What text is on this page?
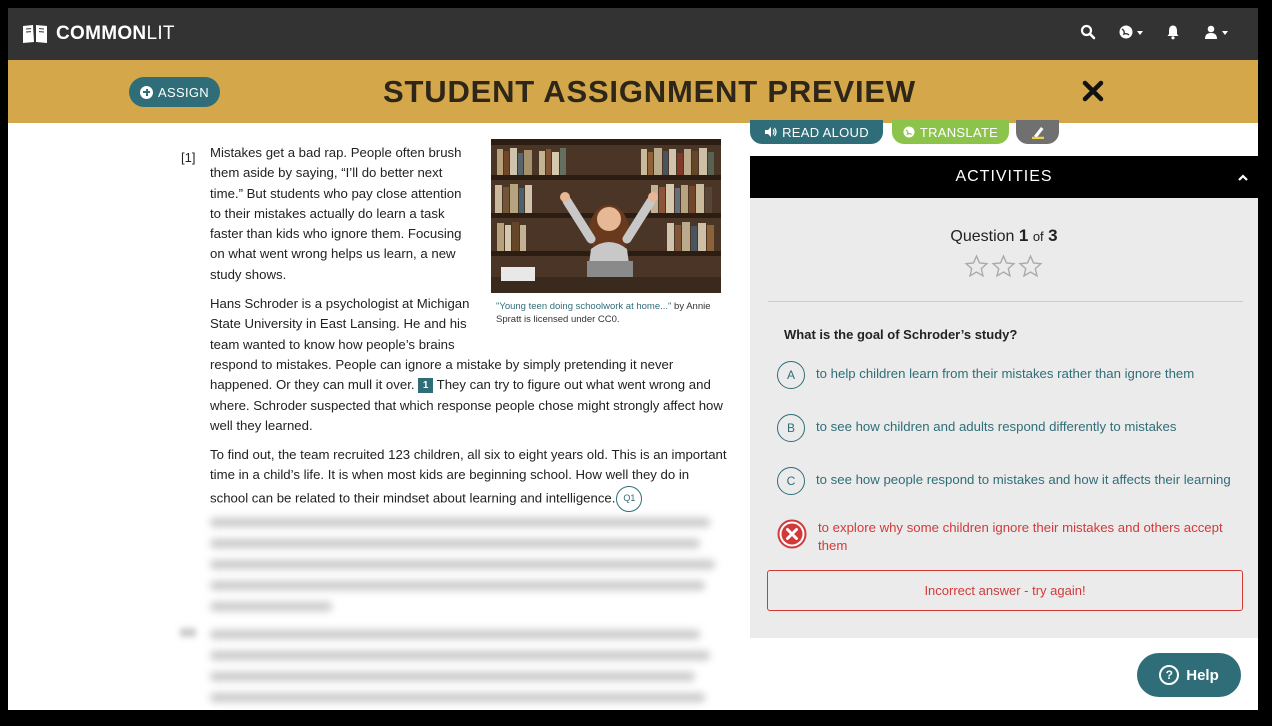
COMMON LIT
ASSIGN	STUDENT ASSIGNMENT PREVIEW
[1] Mistakes get a bad rap. People often brush them aside by saying, “I’ll do better next time.” But students who pay close attention to their mistakes actually do learn a task faster than kids who ignore them. Focusing on what went wrong helps us learn, a new study shows.
"Young teen doing schoolwork at home..." by Annie Spratt is licensed under CC0.
Hans Schroder is a psychologist at Michigan State University in East Lansing. He and his team wanted to know how people’s brains
respond to mistakes. People can ignore a mistake by simply pretending it never happened. Or they can mull it over. 1 They can try to figure out what went wrong and where. Schroder suspected that which response people chose might strongly affect how well they learned.
To find out, the team recruited 123 children, all six to eight years old. This is an important time in a child’s life. It is when most kids are beginning school. How well they do in school can be related to their mindset about learning and intelligence. Q1
READ ALOUD	TRANSLATE
ACTIVITIES
Question 1 of 3
What is the goal of Schroder’s study?
A	to help children learn from their mistakes rather than ignore them
B	to see how children and adults respond differently to mistakes
C	to see how people respond to mistakes and how it affects their learning
to explore why some children ignore their mistakes and others accept them
Incorrect answer - try again!
? Help
